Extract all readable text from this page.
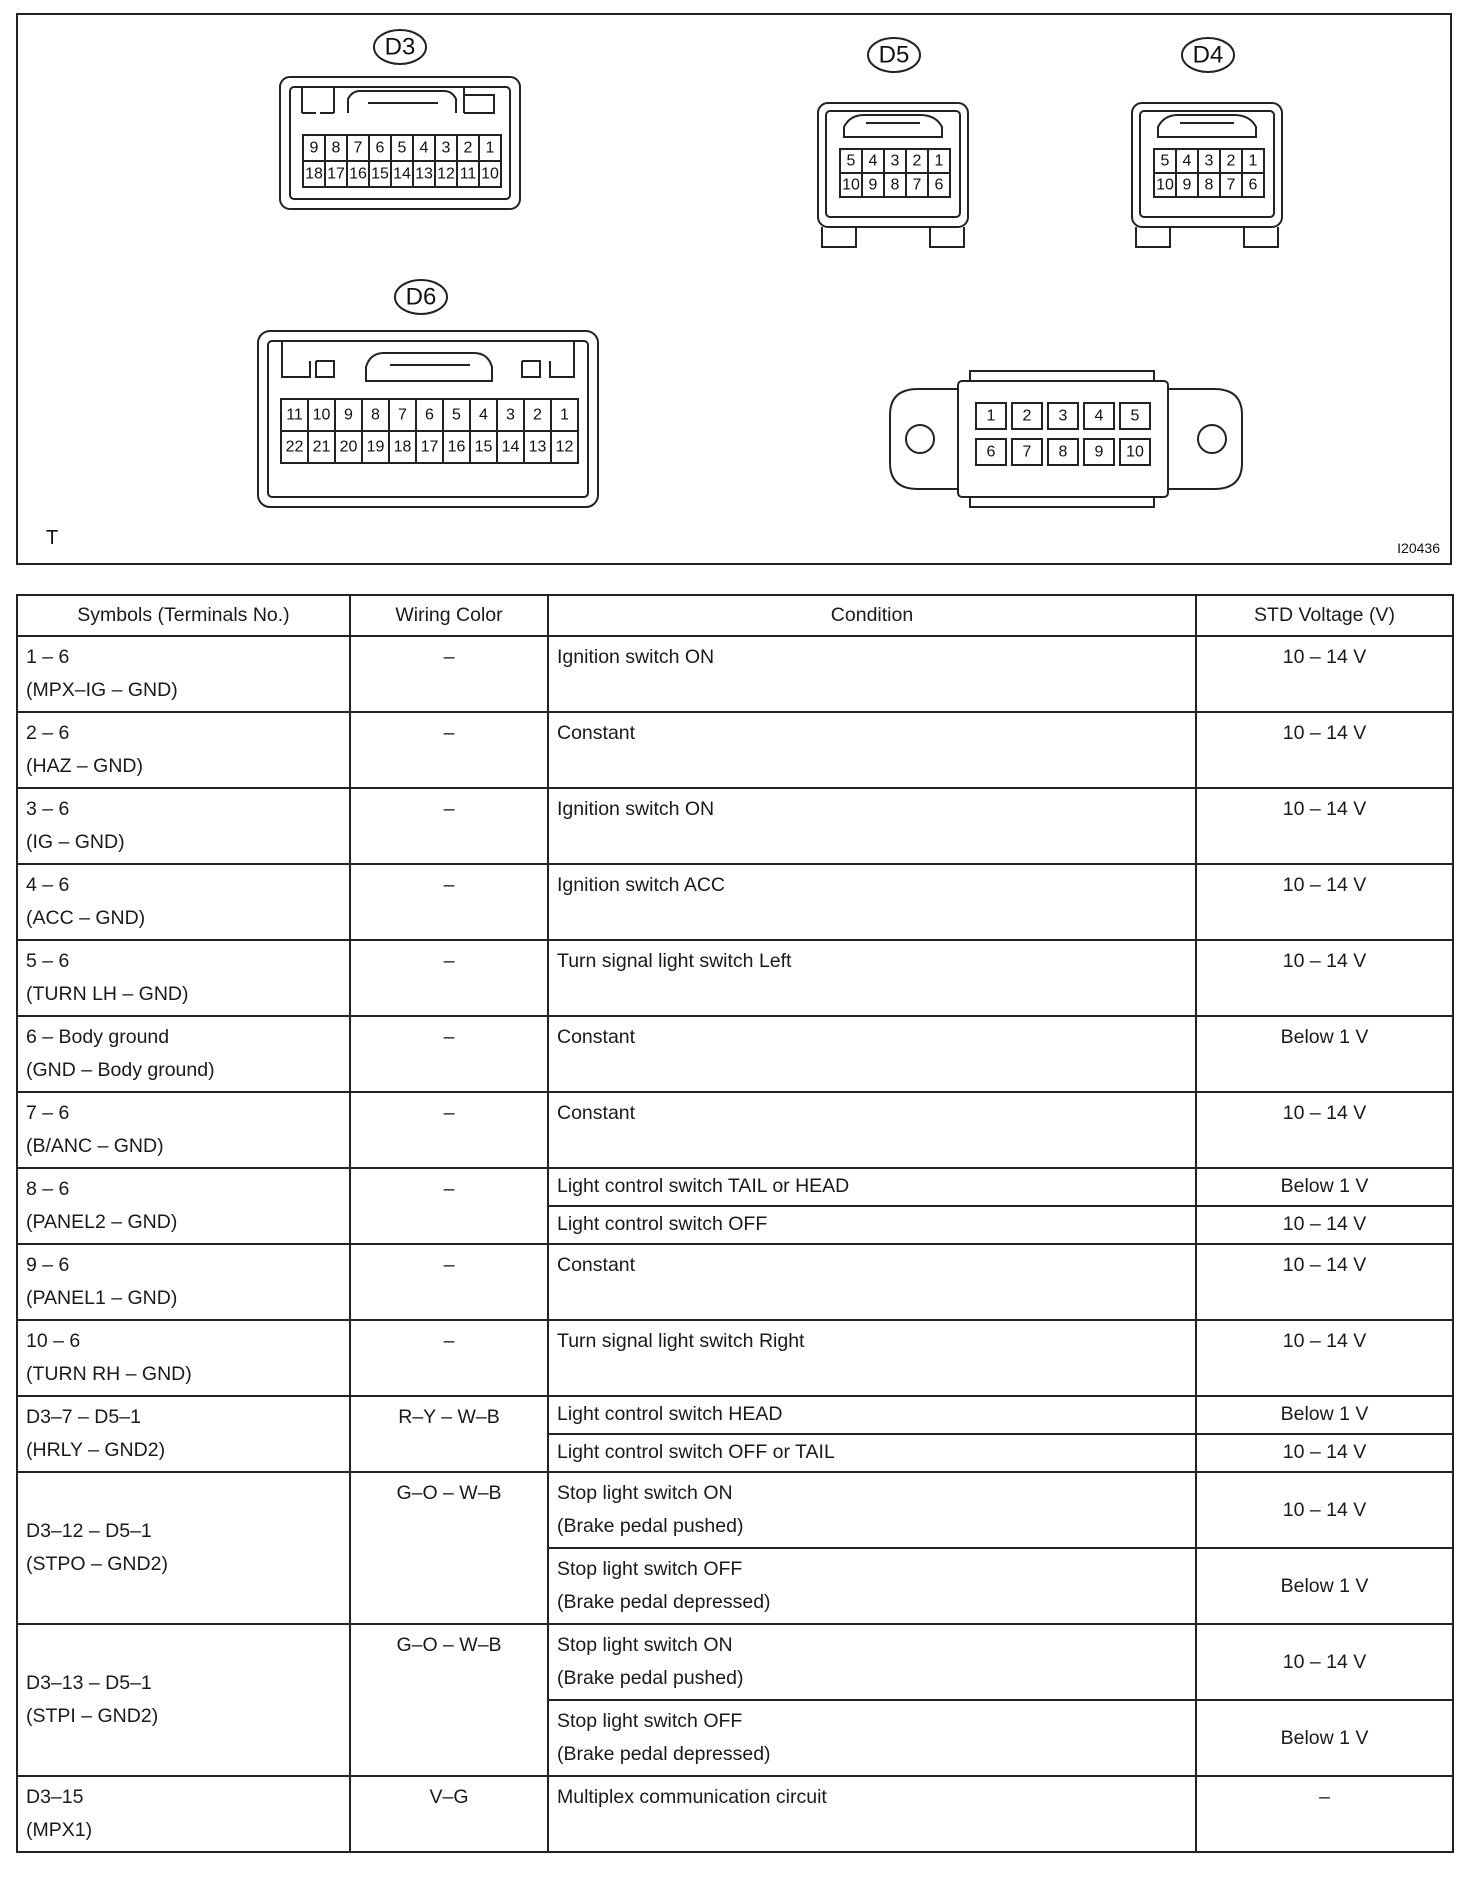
D3
9 8 7 6 5 4 3 2 1
18 17 16 15 14 13 12 11 10
D5
5 4 3 2 1
10 9 8 7 6
D4
5 4 3 2 1
10 9 8 7 6
D6
11 10 9 8 7 6 5 4 3 2 1
22 21 20 19 18 17 16 15 14 13 12
1 2 3 4 5
6 7 8 9 10
T	I20436
Symbols (Terminals No.)	Wiring Color	Condition	STD Voltage (V)
1 – 6
(MPX–IG – GND)	–	Ignition switch ON	10 – 14 V
2 – 6
(HAZ – GND)	–	Constant	10 – 14 V
3 – 6
(IG – GND)	–	Ignition switch ON	10 – 14 V
4 – 6
(ACC – GND)	–	Ignition switch ACC	10 – 14 V
5 – 6
(TURN LH – GND)	–	Turn signal light switch Left	10 – 14 V
6 – Body ground
(GND – Body ground)	–	Constant	Below 1 V
7 – 6
(B/ANC – GND)	–	Constant	10 – 14 V
8 – 6
(PANEL2 – GND)	–	Light control switch TAIL or HEAD	Below 1 V
		Light control switch OFF	10 – 14 V
9 – 6
(PANEL1 – GND)	–	Constant	10 – 14 V
10 – 6
(TURN RH – GND)	–	Turn signal light switch Right	10 – 14 V
D3–7 – D5–1
(HRLY – GND2)	R–Y – W–B	Light control switch HEAD	Below 1 V
		Light control switch OFF or TAIL	10 – 14 V
D3–12 – D5–1
(STPO – GND2)	G–O – W–B	Stop light switch ON
(Brake pedal pushed)	10 – 14 V
		Stop light switch OFF
(Brake pedal depressed)	Below 1 V
D3–13 – D5–1
(STPI – GND2)	G–O – W–B	Stop light switch ON
(Brake pedal pushed)	10 – 14 V
		Stop light switch OFF
(Brake pedal depressed)	Below 1 V
D3–15
(MPX1)	V–G	Multiplex communication circuit	–
